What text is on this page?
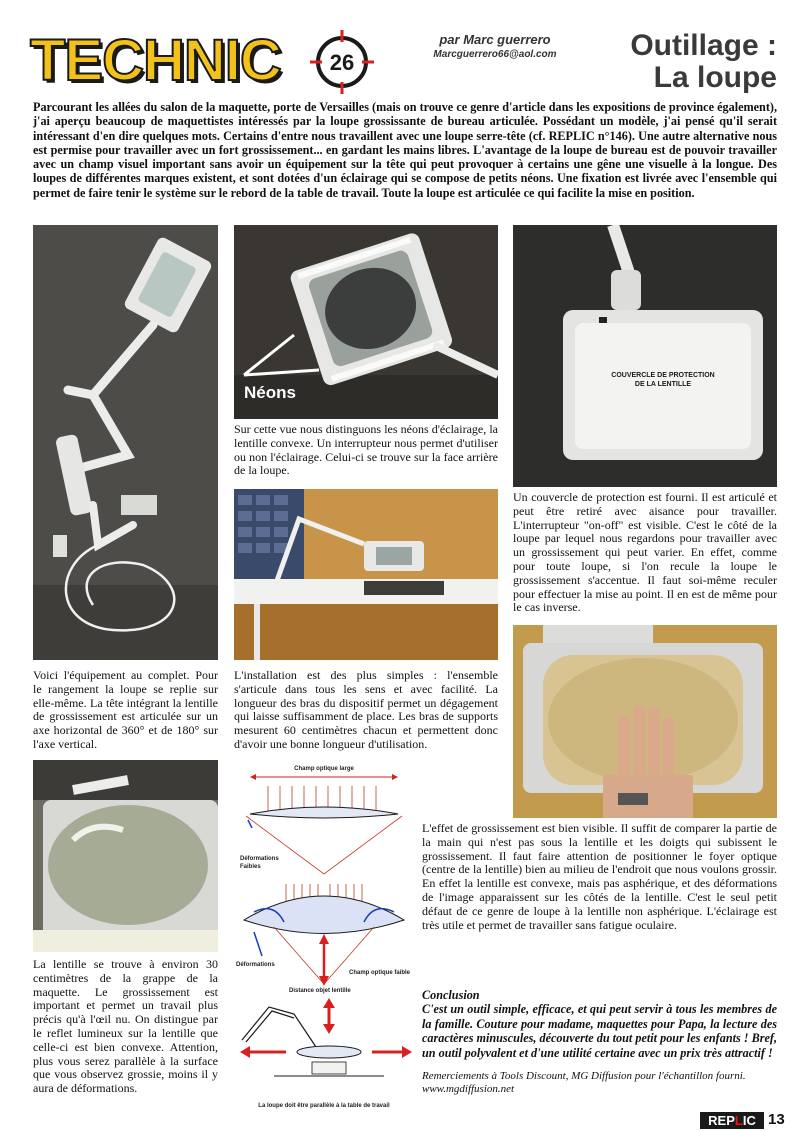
TECHNIC	26
par Marc guerrero
Marcguerrero66@aol.com	Outillage :
La loupe
Parcourant les allées du salon de la maquette, porte de Versailles (mais on trouve ce genre d'article dans les expositions de province également), j'ai aperçu beaucoup de maquettistes intéressés par la loupe grossissante de bureau articulée. Possédant un modèle, j'ai pensé qu'il serait intéressant d'en dire quelques mots. Certains d'entre nous travaillent avec une loupe serre-tête (cf. REPLIC n°146). Une autre alternative nous est permise pour travailler avec un fort grossissement... en gardant les mains libres. L'avantage de la loupe de bureau est de pouvoir travailler avec un champ visuel important sans avoir un équipement sur la tête qui peut provoquer à certains une gêne une visuelle à la longue. Des loupes de différentes marques existent, et sont dotées d'un éclairage qui se compose de petits néons. Une fixation est livrée avec l'ensemble qui permet de faire tenir le système sur le rebord de la table de travail. Toute la loupe est articulée ce qui facilite la mise en position.
Néons
COUVERCLE DE PROTECTION
DE LA LENTILLE
Sur cette vue nous distinguons les néons d'éclairage, la lentille convexe. Un interrupteur nous permet d'utiliser ou non l'éclairage. Celui-ci se trouve sur la face arrière de la loupe.
Un couvercle de protection est fourni. Il est articulé et peut être retiré avec aisance pour travailler. L'interrupteur "on-off" est visible. C'est le côté de la loupe par lequel nous regardons pour travailler avec un grossissement qui peut varier. En effet, comme pour toute loupe, si l'on recule la loupe le grossissement s'accentue. Il faut soi-même reculer pour effectuer la mise au point. Il en est de même pour le cas inverse.
Voici l'équipement au complet. Pour le rangement la loupe se replie sur elle-même. La tête intégrant la lentille de grossissement est articulée sur un axe horizontal de 360° et de 180° sur l'axe vertical.
L'installation est des plus simples : l'ensemble s'articule dans tous les sens et avec facilité. La longueur des bras du dispositif permet un dégagement qui laisse suffisamment de place. Les bras de supports mesurent 60 centimètres chacun et permettent donc d'avoir une bonne longueur d'utilisation.
L'effet de grossissement est bien visible. Il suffit de comparer la partie de la main qui n'est pas sous la lentille et les doigts qui subissent le grossissement. Il faut faire attention de positionner le foyer optique (centre de la lentille) bien au milieu de l'endroit que nous voulons grossir. En effet la lentille est convexe, mais pas asphérique, et des déformations de l'image apparaissent sur les côtés de la lentille. C'est le seul petit défaut de ce genre de loupe à la lentille non asphérique. L'éclairage est très utile et permet de travailler sans fatigue oculaire.
La lentille se trouve à environ 30 centimètres de la grappe de la maquette. Le grossissement est important et permet un travail plus précis qu'à l'œil nu. On distingue par le reflet lumineux sur la lentille que celle-ci est bien convexe. Attention, plus vous serez parallèle à la surface que vous observez grossie, moins il y aura de déformations.
Champ optique large
Déformations
Faibles
Déformations
Champ optique faible
Distance objet lentille
La loupe doit être parallèle à la table de travail
Conclusion
C'est un outil simple, efficace, et qui peut servir à tous les membres de la famille. Couture pour madame, maquettes pour Papa, la lecture des caractères minuscules, découverte du tout petit pour les enfants ! Bref, un outil polyvalent et d'une utilité certaine avec un prix très attractif !
Remerciements à Tools Discount, MG Diffusion pour l'échantillon fourni.
www.mgdiffusion.net
REPLIC 13
